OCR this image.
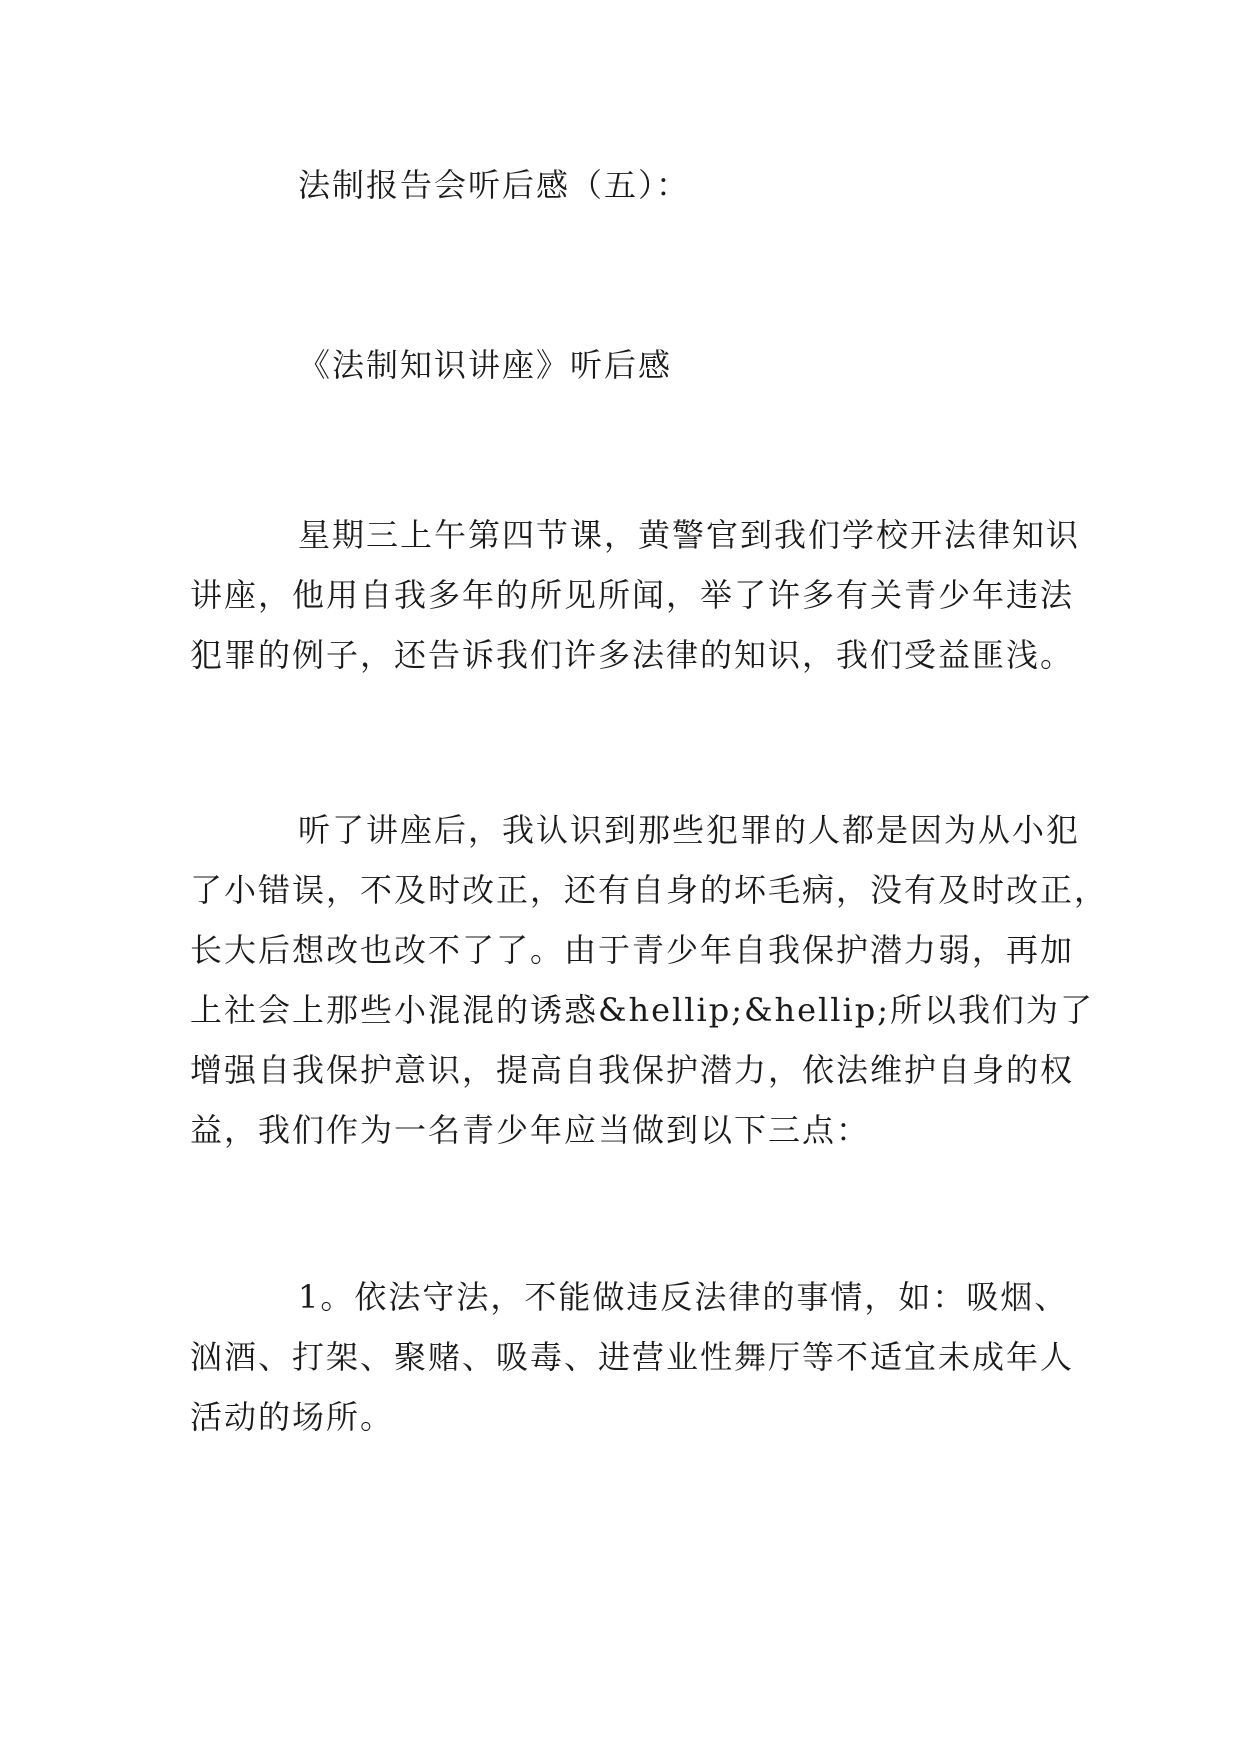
法制报告会听后感（五）：
《法制知识讲座》听后感
星期三上午第四节课，黄警官到我们学校开法律知识
讲座，他用自我多年的所见所闻，举了许多有关青少年违法
犯罪的例子，还告诉我们许多法律的知识，我们受益匪浅。
听了讲座后，我认识到那些犯罪的人都是因为从小犯
了小错误，不及时改正，还有自身的坏毛病，没有及时改正，
长大后想改也改不了了。由于青少年自我保护潜力弱，再加
上社会上那些小混混的诱惑&hellip;&hellip;所以我们为了
增强自我保护意识，提高自我保护潜力，依法维护自身的权
益，我们作为一名青少年应当做到以下三点：
1。依法守法，不能做违反法律的事情，如：吸烟、
汹酒、打架、聚赌、吸毒、进营业性舞厅等不适宜未成年人
活动的场所。
